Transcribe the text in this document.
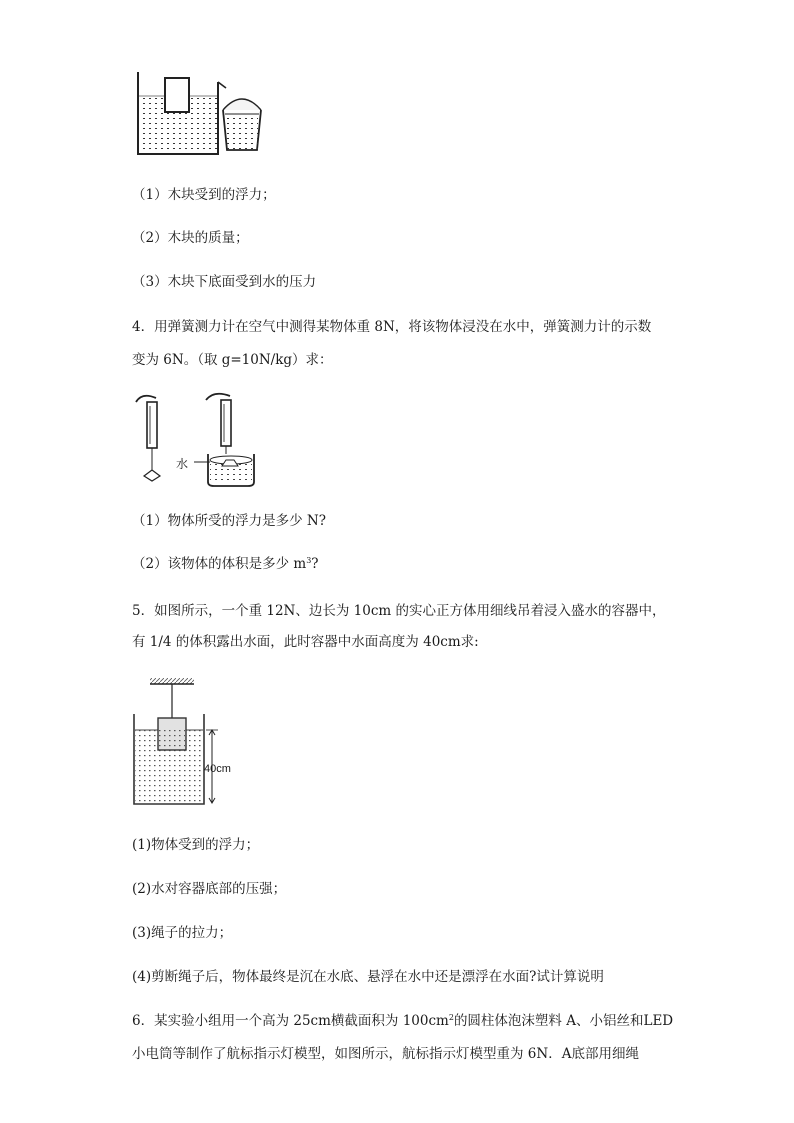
（1）木块受到的浮力；
（2）木块的质量；
（3）木块下底面受到水的压力
4．用弹簧测力计在空气中测得某物体重 8N，将该物体浸没在水中，弹簧测力计的示数
变为 6N。（取 g=10N/kg）求：
水
（1）物体所受的浮力是多少 N?
（2）该物体的体积是多少 $m^3$?
5．如图所示，一个重 12N、边长为 10cm 的实心正方体用细线吊着浸入盛水的容器中，
有 1/4 的体积露出水面，此时容器中水面高度为 40cm求:
40cm
(1)物体受到的浮力；
(2)水对容器底部的压强；
(3)绳子的拉力；
(4)剪断绳子后，物体最终是沉在水底、悬浮在水中还是漂浮在水面?试计算说明
6．某实验小组用一个高为 25cm横截面积为 $100cm^2$的圆柱体泡沫塑料 A、小铝丝和LED
小电筒等制作了航标指示灯模型，如图所示，航标指示灯模型重为 6N．A底部用细绳
